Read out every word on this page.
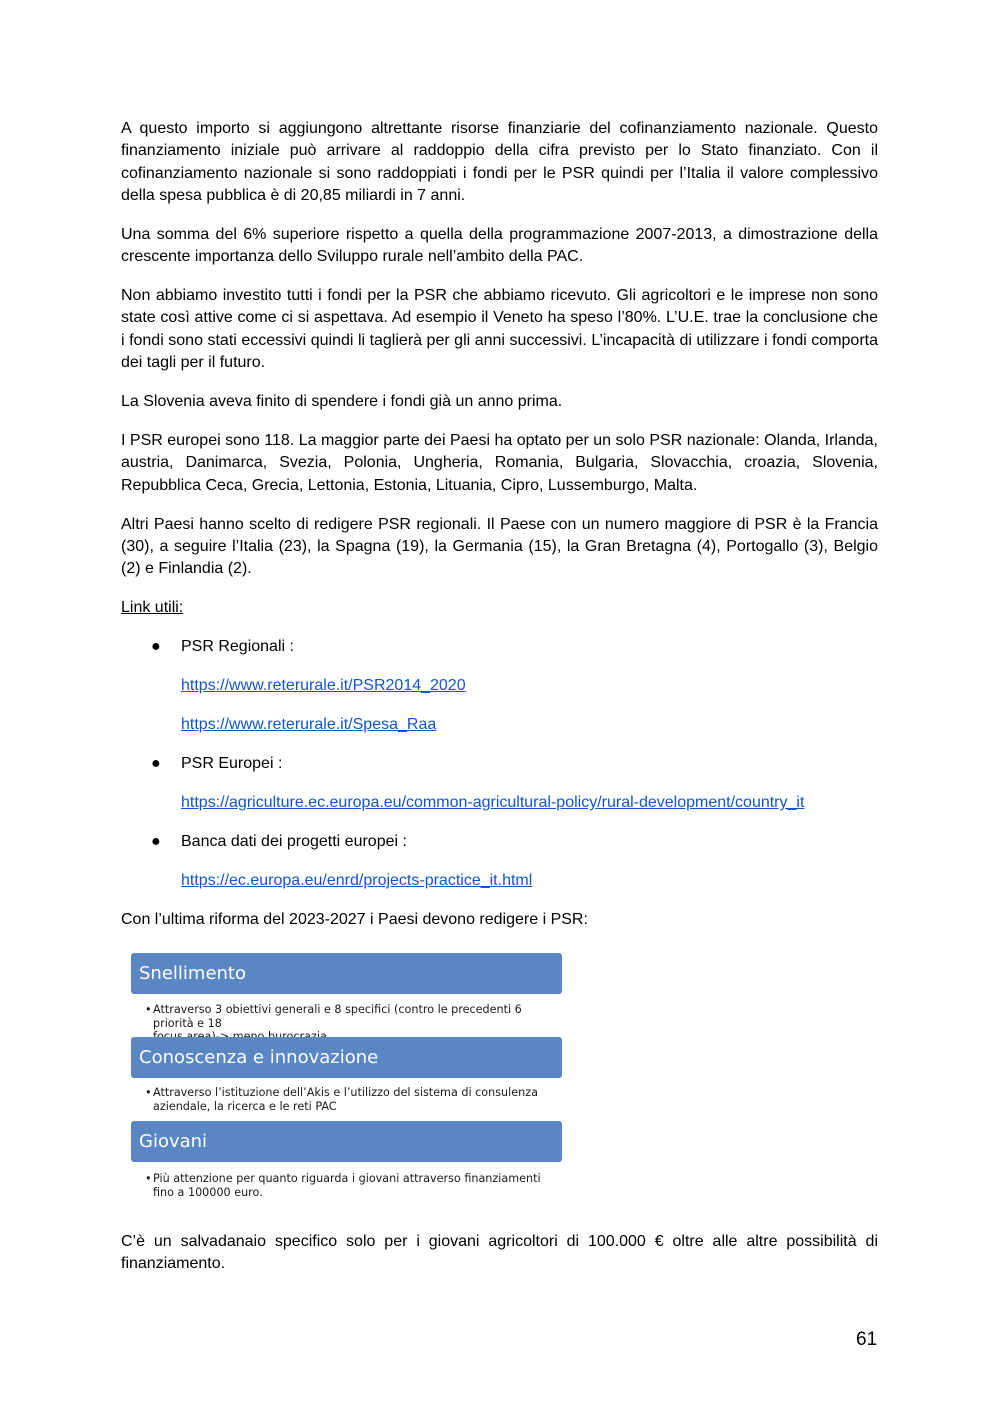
A questo importo si aggiungono altrettante risorse finanziarie del cofinanziamento nazionale. Questo finanziamento iniziale può arrivare al raddoppio della cifra previsto per lo Stato finanziato. Con il cofinanziamento nazionale si sono raddoppiati i fondi per le PSR quindi per l’Italia il valore complessivo della spesa pubblica è di 20,85 miliardi in 7 anni.

Una somma del 6% superiore rispetto a quella della programmazione 2007-2013, a dimostrazione della crescente importanza dello Sviluppo rurale nell’ambito della PAC.

Non abbiamo investito tutti i fondi per la PSR che abbiamo ricevuto. Gli agricoltori e le imprese non sono state così attive come ci si aspettava. Ad esempio il Veneto ha speso l’80%. L’U.E. trae la conclusione che i fondi sono stati eccessivi quindi li taglierà per gli anni successivi. L’incapacità di utilizzare i fondi comporta dei tagli per il futuro.

La Slovenia aveva finito di spendere i fondi già un anno prima.

I PSR europei sono 118. La maggior parte dei Paesi ha optato per un solo PSR nazionale: Olanda, Irlanda, austria, Danimarca, Svezia, Polonia, Ungheria, Romania, Bulgaria, Slovacchia, croazia, Slovenia, Repubblica Ceca, Grecia, Lettonia, Estonia, Lituania, Cipro, Lussemburgo, Malta.

Altri Paesi hanno scelto di redigere PSR regionali. Il Paese con un numero maggiore di PSR è la Francia (30), a seguire l’Italia (23), la Spagna (19), la Germania (15), la Gran Bretagna (4), Portogallo (3), Belgio (2) e Finlandia (2).

Link utili:

● PSR Regionali :
https://www.reterurale.it/PSR2014_2020
https://www.reterurale.it/Spesa_Raa
● PSR Europei :
https://agriculture.ec.europa.eu/common-agricultural-policy/rural-development/country_it
● Banca dati dei progetti europei :
https://ec.europa.eu/enrd/projects-practice_it.html

Con l’ultima riforma del 2023-2027 i Paesi devono redigere i PSR:

Snellimento
• Attraverso 3 obiettivi generali e 8 specifici (contro le precedenti 6 priorità e 18
Conoscenza e innovazione
• Attraverso l’istituzione dell’Akis e l’utilizzo del sistema di consulenza
aziendale, la ricerca e le reti PAC
Giovani
• Più attenzione per quanto riguarda i giovani attraverso finanziamenti
fino a 100000 euro.

C’è un salvadanaio specifico solo per i giovani agricoltori di 100.000 € oltre alle altre possibilità di finanziamento.

61
